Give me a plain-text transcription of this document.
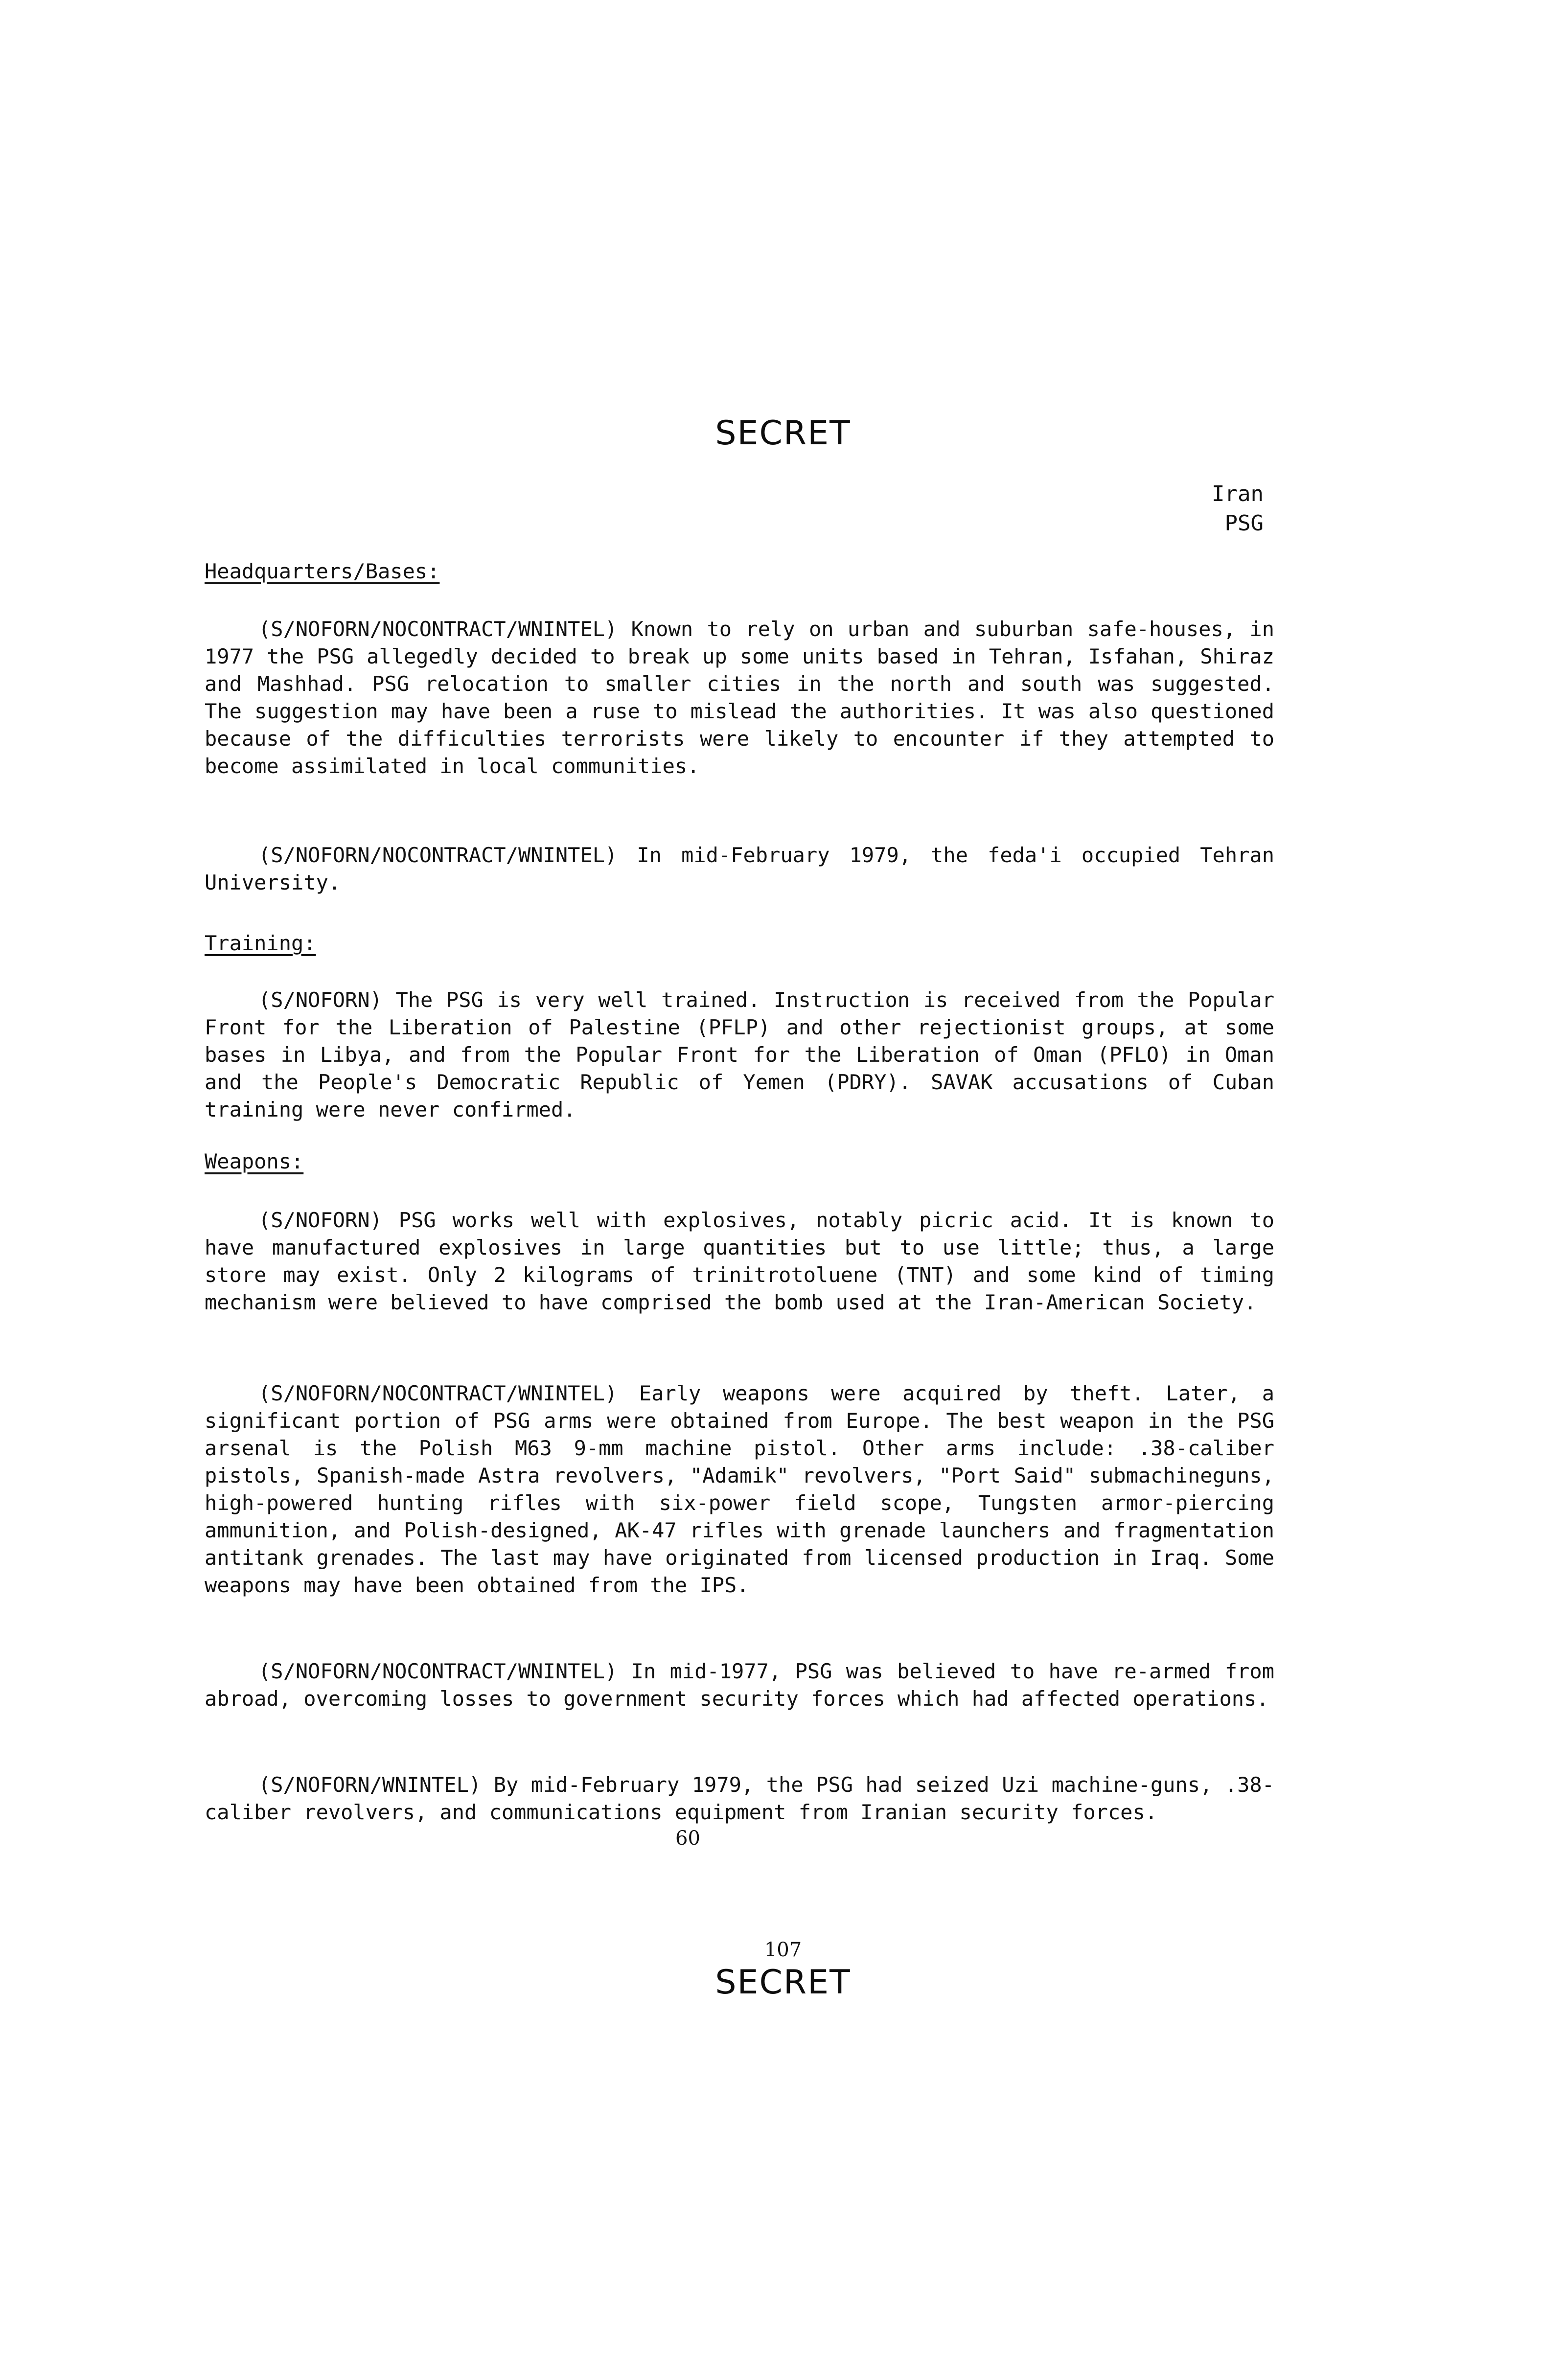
SECRET
Iran
PSG
Headquarters/Bases:

(S/NOFORN/NOCONTRACT/WNINTEL) Known to rely on urban and suburban safe-houses, in 1977 the PSG allegedly decided to break up some units based in Tehran, Isfahan, Shiraz and Mashhad. PSG relocation to smaller cities in the north and south was suggested. The suggestion may have been a ruse to mislead the authorities. It was also questioned because of the difficulties terrorists were likely to encounter if they attempted to become assimilated in local communities.

(S/NOFORN/NOCONTRACT/WNINTEL) In mid-February 1979, the feda'i occupied Tehran University.

Training:

(S/NOFORN) The PSG is very well trained. Instruction is received from the Popular Front for the Liberation of Palestine (PFLP) and other rejectionist groups, at some bases in Libya, and from the Popular Front for the Liberation of Oman (PFLO) in Oman and the People's Democratic Republic of Yemen (PDRY). SAVAK accusations of Cuban training were never confirmed.

Weapons:

(S/NOFORN) PSG works well with explosives, notably picric acid. It is known to have manufactured explosives in large quantities but to use little; thus, a large store may exist. Only 2 kilograms of trinitrotoluene (TNT) and some kind of timing mechanism were believed to have comprised the bomb used at the Iran-American Society.

(S/NOFORN/NOCONTRACT/WNINTEL) Early weapons were acquired by theft. Later, a significant portion of PSG arms were obtained from Europe. The best weapon in the PSG arsenal is the Polish M63 9-mm machine pistol. Other arms include: .38-caliber pistols, Spanish-made Astra revolvers, "Adamik" revolvers, "Port Said" submachineguns, high-powered hunting rifles with six-power field scope, Tungsten armor-piercing ammunition, and Polish-designed, AK-47 rifles with grenade launchers and fragmentation antitank grenades. The last may have originated from licensed production in Iraq. Some weapons may have been obtained from the IPS.

(S/NOFORN/NOCONTRACT/WNINTEL) In mid-1977, PSG was believed to have re-armed from abroad, overcoming losses to government security forces which had affected operations.

(S/NOFORN/WNINTEL) By mid-February 1979, the PSG had seized Uzi machine-guns, .38-caliber revolvers, and communications equipment from Iranian security forces.

60
107
SECRET
